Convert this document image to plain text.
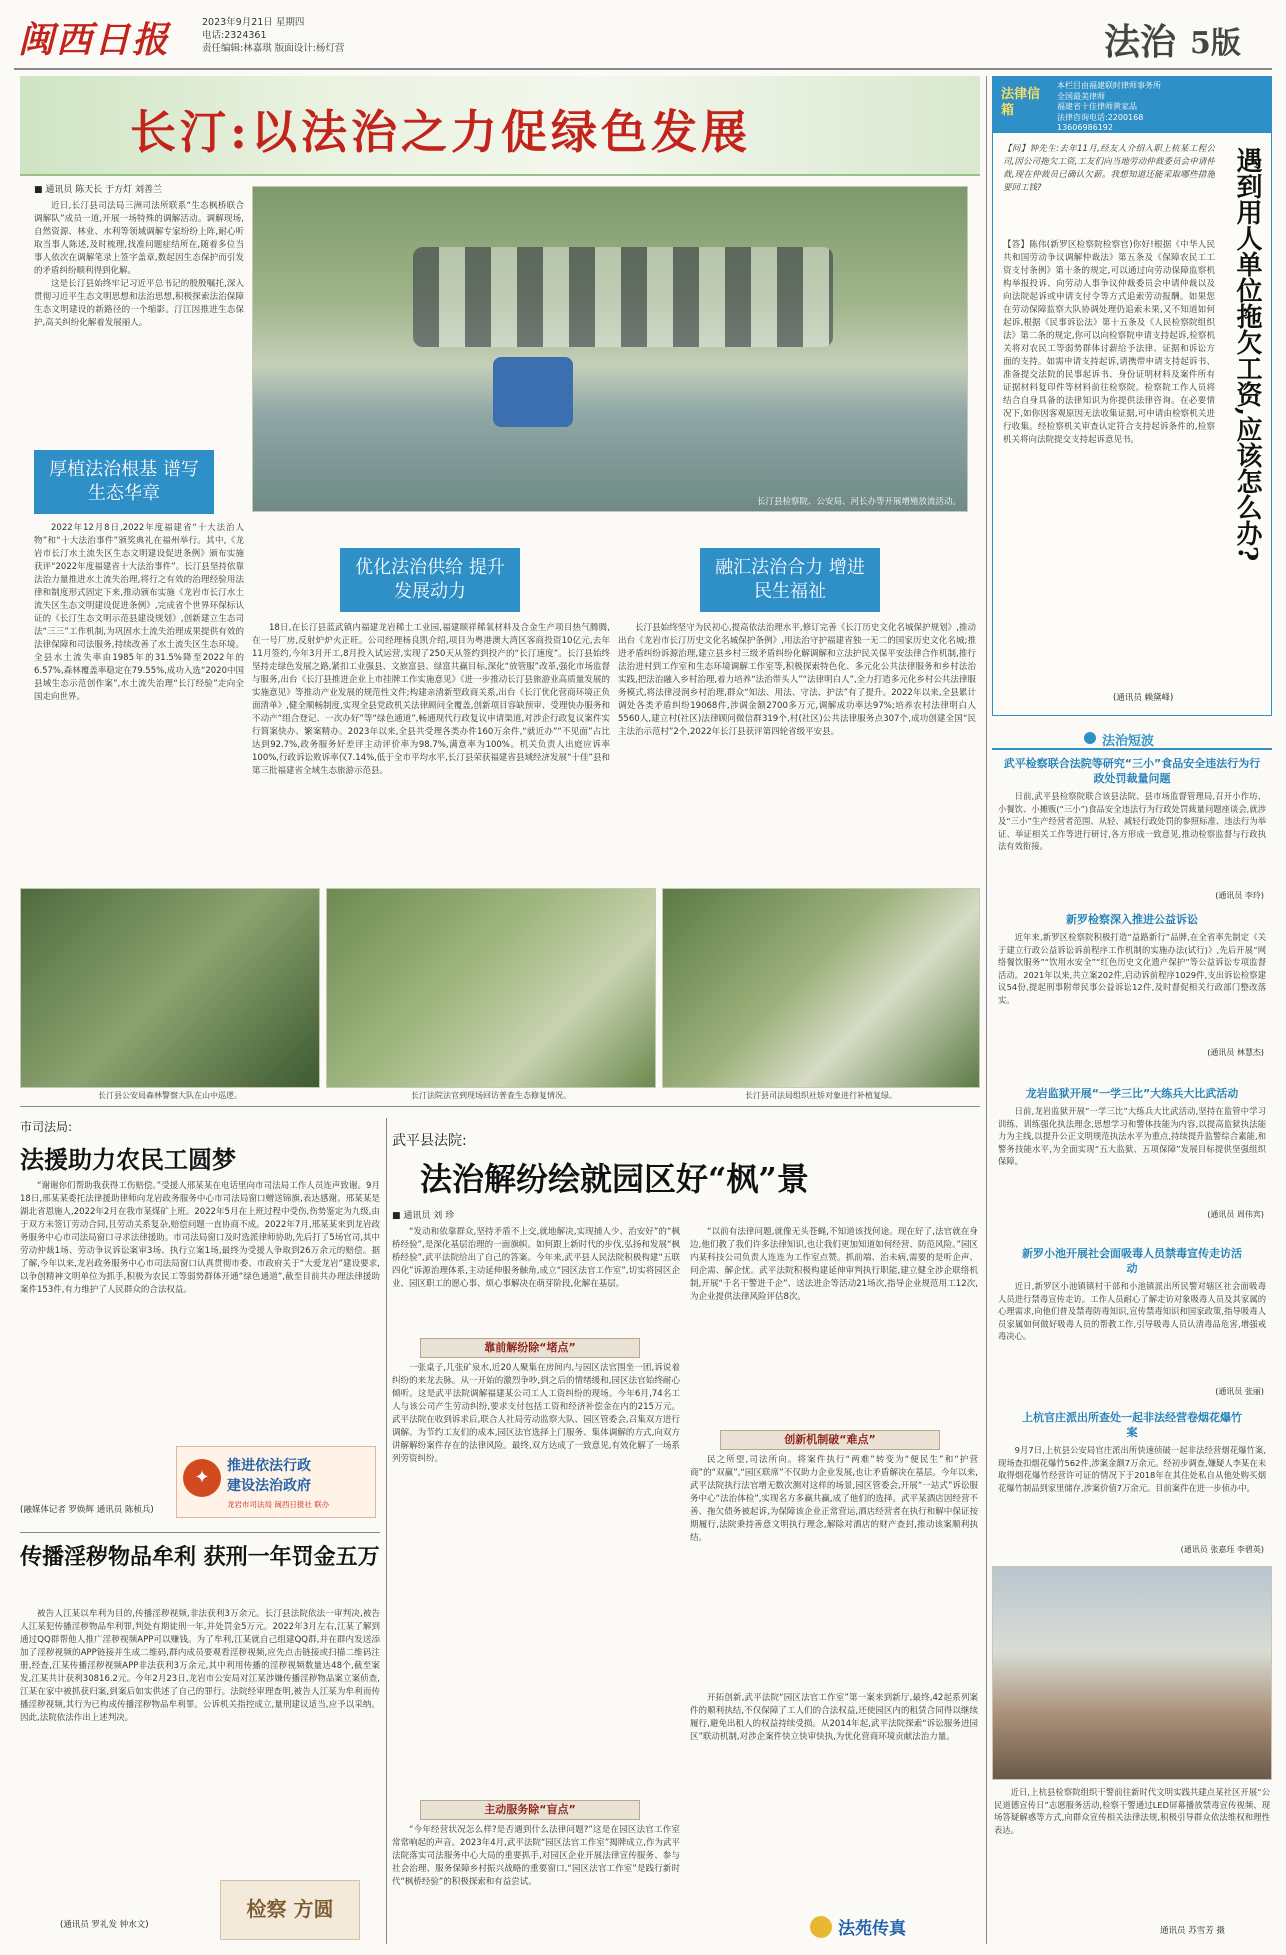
闽西日报	2023年9月21日 星期四
电话:2324361
责任编辑:林嘉琪 版面设计:杨灯营	法治 5版
长汀:以法治之力促绿色发展
■ 通讯员 陈天长 于方灯 刘善兰

近日,长汀县司法局三洲司法所联系“生态枫桥联合调解队”成员一道,开展一场特殊的调解活动。调解现场,自然资源、林业、水利等领域调解专家纷纷上阵,耐心听取当事人陈述,及时梳理,找准问题症结所在,随着多位当事人依次在调解笔录上签字盖章,数起因生态保护而引发的矛盾纠纷顺利得到化解。

这是长汀县始终牢记习近平总书记的殷殷嘱托,深入贯彻习近平生态文明思想和法治思想,积极探索法治保障生态文明建设的新路径的一个缩影。汀江因推进生态保护,高关纠纷化解着发展丽人。

长汀县检察院、公安局、河长办等开展增殖放流活动。
厚植法治根基 谱写生态华章
2022年12月8日,2022年度福建省“十大法治人物”和“十大法治事件”颁奖典礼在福州举行。其中,《龙岩市长汀水土流失区生态文明建设促进条例》颁布实施获评“2022年度福建省十大法治事件”。长汀县坚持依靠法治力量推进水土流失治理,将行之有效的治理经验用法律和制度形式固定下来,推动颁布实施《龙岩市长汀水土流失区生态文明建设促进条例》,完成省个世界环保标认证的《长汀生态文明示范县建设规划》,创新建立生态司法“三三”工作机制,为巩固水土流失治理成果提供有效的法律保障和司法服务,持续改善了水土流失区生态环境。全县水土流失率由1985年的31.5%降至2022年的6.57%,森林覆盖率稳定在79.55%,成功入选“2020中国县域生态示范创作案”,水土流失治理“长汀经验”走向全国走向世界。
优化法治供给 提升发展动力
18日,在长汀县蓝武镇内福建龙岩稀土工业园,福建顺祥稀氧材料及合金生产项目热气腾腾,在一号厂房,反射炉炉火正旺。公司经理杨良凯介绍,项目为粤港澳大湾区客商投资10亿元,去年11月签约,今年3月开工,8月投入试运营,实现了250天从签约到投产的“长汀速度”。长汀县始终坚持走绿色发展之路,紧扣工业强县、文旅富县、绿富共赢目标,深化“放管服”改革,强化市场监督与服务,出台《长汀县推进企业上市挂牌工作实施意见》《进一步推动长汀县旅游业高质量发展的实施意见》等推动产业发展的规范性文件;构建亲清新型政商关系,出台《长汀优化营商环境正负面清单》,健全顺畅制度,实现全县党政机关法律顾问全覆盖,创新项目容缺预审、受理快办服务和不动产“组合登记、一次办好”等“绿色通道”,畅通现代行政复议申请渠道,对涉企行政复议案件实行简案快办、繁案精办。2023年以来,全县共受理各类办件160万余件,“就近办”“不见面”占比达到92.7%,政务服务好差评主动评价率为98.7%,满意率为100%。机关负责人出庭应诉率100%,行政诉讼败诉率仅7.14%,低于全市平均水平,长汀县荣获福建省县域经济发展“十佳”县和第三批福建省全域生态旅游示范县。
融汇法治合力 增进民生福祉
长汀县始终坚守为民初心,提高依法治理水平,修订完善《长汀历史文化名城保护规划》,推动出台《龙岩市长汀历史文化名城保护条例》,用法治守护福建省独一无二的国家历史文化名城;推进矛盾纠纷诉源治理,建立县乡村三级矛盾纠纷化解调解和立法护民关保平安法律合作机制,推行法治进村到工作室和生态环境调解工作室等,积极探索特色化、多元化公共法律服务和乡村法治实践,把法治融入乡村治理,着力培养“法治带头人”“法律明白人”,全力打造多元化乡村公共法律服务模式,将法律浸润乡村治理,群众“知法、用法、守法、护法”有了提升。2022年以来,全县累计调处各类矛盾纠纷19068件,涉调金额2700多万元,调解成功率达97%;培养农村法律明白人5560人,建立村(社区)法律顾问微信群319个,村(社区)公共法律服务点307个,成功创建全国“民主法治示范村”2个,2022年长汀县获评第四轮省级平安县。
长汀县公安局森林警察大队在山中巡逻。	长汀法院法官到现场回访普查生态修复情况。	长汀县司法局组织社矫对象进行补植复绿。
法律信箱
本栏目由福建联时律师事务所
全国最美律师
福建省十佳律师黄家品
法律咨询电话:2200168
13606986192
遇到用人单位拖欠工资,应该怎么办?
【问】钟先生:去年11月,经友人介绍入职上杭某工程公司,因公司拖欠工资,工友们向当地劳动仲裁委员会申请仲裁,现在仲裁员已确认欠薪。我想知道还能采取哪些措施要回工钱?
【答】陈伟(新罗区检察院检察官)你好!根据《中华人民共和国劳动争议调解仲裁法》第五条及《保障农民工工资支付条例》第十条的规定,可以通过向劳动保障监察机构举报投诉、向劳动人事争议仲裁委员会申请仲裁以及向法院起诉或申请支付令等方式追索劳动报酬。如果您在劳动保障监察大队协调处理仍追索未果,又不知道如何起诉,根据《民事诉讼法》第十五条及《人民检察院组织法》第二条的规定,你可以向检察院申请支持起诉,检察机关将对农民工等弱势群体讨薪给予法律、证据和诉讼方面的支持。如需申请支持起诉,请携带申请支持起诉书、准备提交法院的民事起诉书、身份证明材料及案件所有证据材料复印件等材料前往检察院。检察院工作人员将结合自身具备的法律知识为你提供法律咨询。在必要情况下,如你因客观原因无法收集证据,可申请由检察机关进行收集。经检察机关审查认定符合支持起诉条件的,检察机关将向法院提交支持起诉意见书。
(通讯员 赖黛峰)
法治短波
武平检察联合法院等研究“三小”食品安全违法行为行政处罚裁量问题
日前,武平县检察院联合该县法院、县市场监督管理局,召开小作坊、小餐饮、小摊贩(“三小”)食品安全违法行为行政处罚裁量问题座谈会,就涉及“三小”生产经营者范围、从轻、减轻行政处罚的参照标准、违法行为举证、举证相关工作等进行研讨,各方形成一致意见,推动检察监督与行政执法有效衔接。
(通讯员 李玲)
新罗检察深入推进公益诉讼
近年来,新罗区检察院积极打造“益路新行”品牌,在全省率先制定《关于建立行政公益诉讼诉前程序工作机制的实施办法(试行)》,先后开展“网络餐饮服务”“饮用水安全”“红色历史文化遗产保护”等公益诉讼专项监督活动。2021年以来,共立案202件,启动诉前程序1029件,支出诉讼检察建议54份,提起刑事附带民事公益诉讼12件,及时督促相关行政部门整改落实。
(通讯员 林慧杰)
龙岩监狱开展“一学三比”大练兵大比武活动
日前,龙岩监狱开展“一学三比”大练兵大比武活动,坚持在监管中学习训练、训练强化执法理念,思想学习和警体技能为内容,以提高监狱执法能力为主线,以提升公正文明规范执法水平为重点,持续提升监警综合素能,和警务技能水平,为全面实现“五大监狱、五项保障”发展目标提供坚强组织保障。
(通讯员 周伟宾)
新罗小池开展社会面吸毒人员禁毒宣传走访活动
近日,新罗区小池镇镇村干部和小池镇派出所民警对辖区社会面吸毒人员进行禁毒宣传走访。工作人员耐心了解走访对象吸毒人员及其家属的心理需求,向他们普及禁毒防毒知识,宣传禁毒知识和国家政策,指导吸毒人员家属如何做好吸毒人员的帮教工作,引导吸毒人员认清毒品危害,增强戒毒决心。
(通讯员 张丽)
上杭官庄派出所查处一起非法经营卷烟花爆竹案
9月7日,上杭县公安局官庄派出所快速侦破一起非法经营烟花爆竹案,现场查扣烟花爆竹562件,涉案金额7万余元。经初步调查,嫌疑人李某在未取得烟花爆竹经营许可证的情况下于2018年在其住处私自从他处购买烟花爆竹制品到家里储存,涉案价值7万余元。目前案件在进一步侦办中。
(通讯员 张嘉珏 李碧英)
近日,上杭县检察院组织干警前往新时代文明实践共建点某社区开展“公民道德宣传日”志愿服务活动,检察干警通过LED屏幕播放禁毒宣传视频、现场答疑解惑等方式,向群众宣传相关法律法规,积极引导群众依法维权和理性表达。
通讯员 苏雪芳 摄
市司法局:
法援助力农民工圆梦
“谢谢你们帮助我获得工伤赔偿。”受援人邢某某在电话里向市司法局工作人员连声致谢。9月18日,邢某某委托法律援助律师向龙岩政务服务中心市司法局窗口赠送锦旗,表达感谢。邢某某是湖北省恩施人,2022年2月在我市某煤矿上班。2022年5月在上班过程中受伤,伤势鉴定为九级,由于双方未签订劳动合同,且劳动关系复杂,赔偿问题一直协商不成。2022年7月,邢某某来到龙岩政务服务中心市司法局窗口寻求法律援助。市司法局窗口及时选派律师协助,先后打了5场官司,其中劳动仲裁1场、劳动争议诉讼案审3场、执行立案1场,最终为受援人争取到26万余元的赔偿。据了解,今年以来,龙岩政务服务中心市司法局窗口认真贯彻市委、市政府关于“大爱龙岩”建设要求,以争创精神文明单位为抓手,积极为农民工等弱势群体开通“绿色通道”,截至目前共办理法律援助案件153件,有力维护了人民群众的合法权益。
(融媒体记者 罗焕辉 通讯员 陈桢兵)
✦
推进依法行政
建设法治政府
龙岩市司法局 闽西日报社 联办
传播淫秽物品牟利 获刑一年罚金五万
被告人江某以牟利为目的,传播淫秽视频,非法获利3万余元。长汀县法院依法一审判决,被告人江某犯传播淫秽物品牟利罪,判处有期徒刑一年,并处罚金5万元。2022年3月左右,江某了解到通过QQ群帮他人推广淫秽视频APP可以赚钱。为了牟利,江某就自己组建QQ群,并在群内发送添加了淫秽视频的APP链接并生成二维码,群内成员要观看淫秽视频,应先点击链接或扫描二维码注册,经查,江某传播淫秽视频APP非法获利3万余元,其中利用传播的淫秽视频数量达48个,截至案发,江某共计获利30816.2元。今年2月23日,龙岩市公安局对江某涉嫌传播淫秽物品案立案侦查,江某在家中被抓获归案,到案后如实供述了自己的罪行。法院经审理查明,被告人江某为牟利而传播淫秽视频,其行为已构成传播淫秽物品牟利罪。公诉机关指控成立,量刑建议适当,应予以采纳。因此,法院依法作出上述判决。
(通讯员 罗礼发 钟水文)
检察 方圆
武平县法院:
法治解纷绘就园区好“枫”景
■ 通讯员 刘 珍
“发动和依靠群众,坚持矛盾不上交,就地解决,实现捕人少、治安好”的“枫桥经验”,是深化基层治理的一面旗帜。如何跟上新时代的步伐,弘扬和发展“枫桥经验”,武平法院给出了自己的答案。今年来,武平县人民法院积极构建“五联四化”诉源治理体系,主动延伸服务触角,成立“园区法官工作室”,切实将园区企业、园区职工的愿心事、烦心事解决在萌芽阶段,化解在基层。
靠前解纷除“堵点”
一张桌子,几张矿泉水,近20人聚集在房间内,与园区法官围坐一团,诉说着纠纷的来龙去脉。从一开始的激烈争吵,到之后的情绪缓和,园区法官始终耐心倾听。这是武平法院调解福建某公司工人工资纠纷的现场。今年6月,74名工人与该公司产生劳动纠纷,要求支付包括工资和经济补偿金在内的215万元。武平法院在收到诉求后,联合人社局劳动监察大队、园区管委会,召集双方进行调解。为节约工友们的成本,园区法官选择上门服务、集体调解的方式,向双方讲解解纷案件存在的法律风险。最终,双方达成了一致意见,有效化解了一场系列劳资纠纷。
主动服务除“盲点”
“今年经营状况怎么样?是否遇到什么法律问题?”这是在园区法官工作室常常响起的声音。2023年4月,武平法院“园区法官工作室”揭牌成立,作为武平法院落实司法服务中心大局的重要抓手,对园区企业开展法律宣传服务、参与社会治理、服务保障乡村振兴战略的重要窗口,“园区法官工作室”是践行新时代“枫桥经验”的积极探索和有益尝试。
“以前有法律问题,就像无头苍蝇,不知道该找何途。现在好了,法官就在身边,他们教了我们许多法律知识,也让我们更加知道如何经营、防范风险。”园区内某科技公司负责人连连为工作室点赞。抓前端、治未病,需要的是听企声、问企需、解企忧。武平法院积极构建延伸审判执行职能,建立健全涉企联络机制,开展“千名干警进千企”、送法进企等活动21场次,指导企业规范用工12次,为企业提供法律风险评估8次。
创新机制破“难点”
民之所望,司法所向。将案件执行“两难”转变为“便民生”和“护营商”的“双赢”,“园区联席”不仅助力企业发展,也让矛盾解决在基层。今年以来,武平法院执行法官增无数次测对这样的场景,园区管委会,开展“一站式”诉讼服务中心“法治体检”,实现名方多赢共赢,成了他们的选择。武平某酒店因经营不善、拖欠债务被起诉,为保障该企业正常营运,酒店经营者在执行和解中保证按期履行,法院秉持善意文明执行理念,解除对酒店的财产查封,推动该案顺利执结。
开拓创新,武平法院“园区法官工作室”第一案来到新厅,最终,42起系列案件的顺利执结,不仅保障了工人们的合法权益,还使园区内的租赁合同得以继续履行,避免出租人的权益持续受损。从2014年起,武平法院探索“诉讼服务进园区”联动机制,对涉企案件快立快审快执,为优化营商环境贡献法治力量。
法苑传真
